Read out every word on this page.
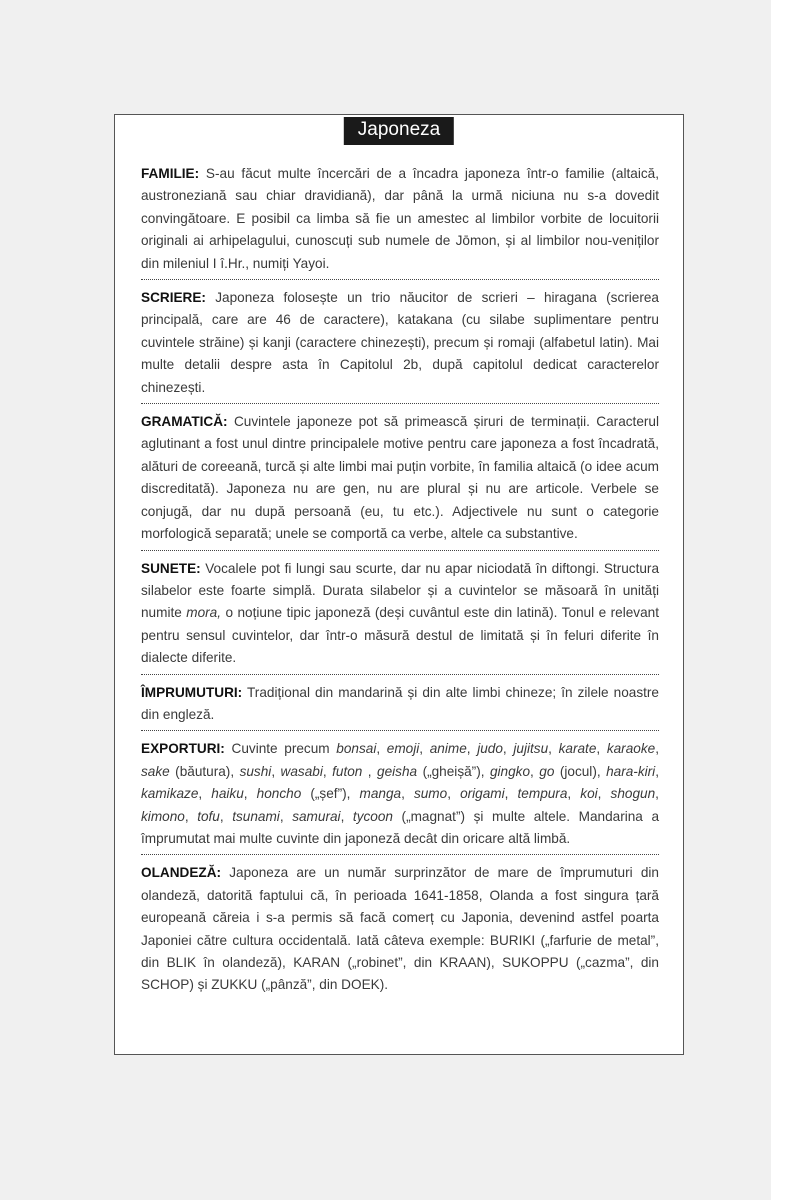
Japoneza
FAMILIE: S-au făcut multe încercări de a încadra japoneza într-o familie (altaică, austroneziană sau chiar dravidiană), dar până la urmă niciuna nu s-a dovedit convingătoare. E posibil ca limba să fie un amestec al limbilor vorbite de locuitorii originali ai arhipelagului, cunoscuți sub numele de Jōmon, și al limbilor nou-veniților din mileniul I î.Hr., numiți Yayoi.
SCRIERE: Japoneza folosește un trio năucitor de scrieri – hiragana (scrierea principală, care are 46 de caractere), katakana (cu silabe suplimentare pentru cuvintele străine) și kanji (caractere chinezești), precum și romaji (alfabetul latin). Mai multe detalii despre asta în Capitolul 2b, după capitolul dedicat caracterelor chinezești.
GRAMATICĂ: Cuvintele japoneze pot să primească șiruri de terminații. Caracterul aglutinant a fost unul dintre principalele motive pentru care japoneza a fost încadrată, alături de coreeană, turcă și alte limbi mai puțin vorbite, în familia altaică (o idee acum discreditată). Japoneza nu are gen, nu are plural și nu are articole. Verbele se conjugă, dar nu după persoană (eu, tu etc.). Adjectivele nu sunt o categorie morfologică separată; unele se comportă ca verbe, altele ca substantive.
SUNETE: Vocalele pot fi lungi sau scurte, dar nu apar niciodată în diftongi. Structura silabelor este foarte simplă. Durata silabelor și a cuvintelor se măsoară în unități numite mora, o noțiune tipic japoneză (deși cuvântul este din latină). Tonul e relevant pentru sensul cuvintelor, dar într-o măsură destul de limitată și în feluri diferite în dialecte diferite.
ÎMPRUMUTURI: Tradițional din mandarină și din alte limbi chineze; în zilele noastre din engleză.
EXPORTURI: Cuvinte precum bonsai, emoji, anime, judo, jujitsu, karate, karaoke, sake (băutura), sushi, wasabi, futon , geisha („gheișă”), gingko, go (jocul), hara-kiri, kamikaze, haiku, honcho („șef”), manga, sumo, origami, tempura, koi, shogun, kimono, tofu, tsunami, samurai, tycoon („magnat”) și multe altele. Mandarina a împrumutat mai multe cuvinte din japoneză decât din oricare altă limbă.
OLANDEZĂ: Japoneza are un număr surprinzător de mare de împrumuturi din olandeză, datorită faptului că, în perioada 1641-1858, Olanda a fost singura țară europeană căreia i s-a permis să facă comerț cu Japonia, devenind astfel poarta Japoniei către cultura occidentală. Iată câteva exemple: BURIKI („farfurie de metal”, din BLIK în olandeză), KARAN („robinet”, din KRAAN), SUKOPPU („cazma”, din SCHOP) și ZUKKU („pânză”, din DOEK).
